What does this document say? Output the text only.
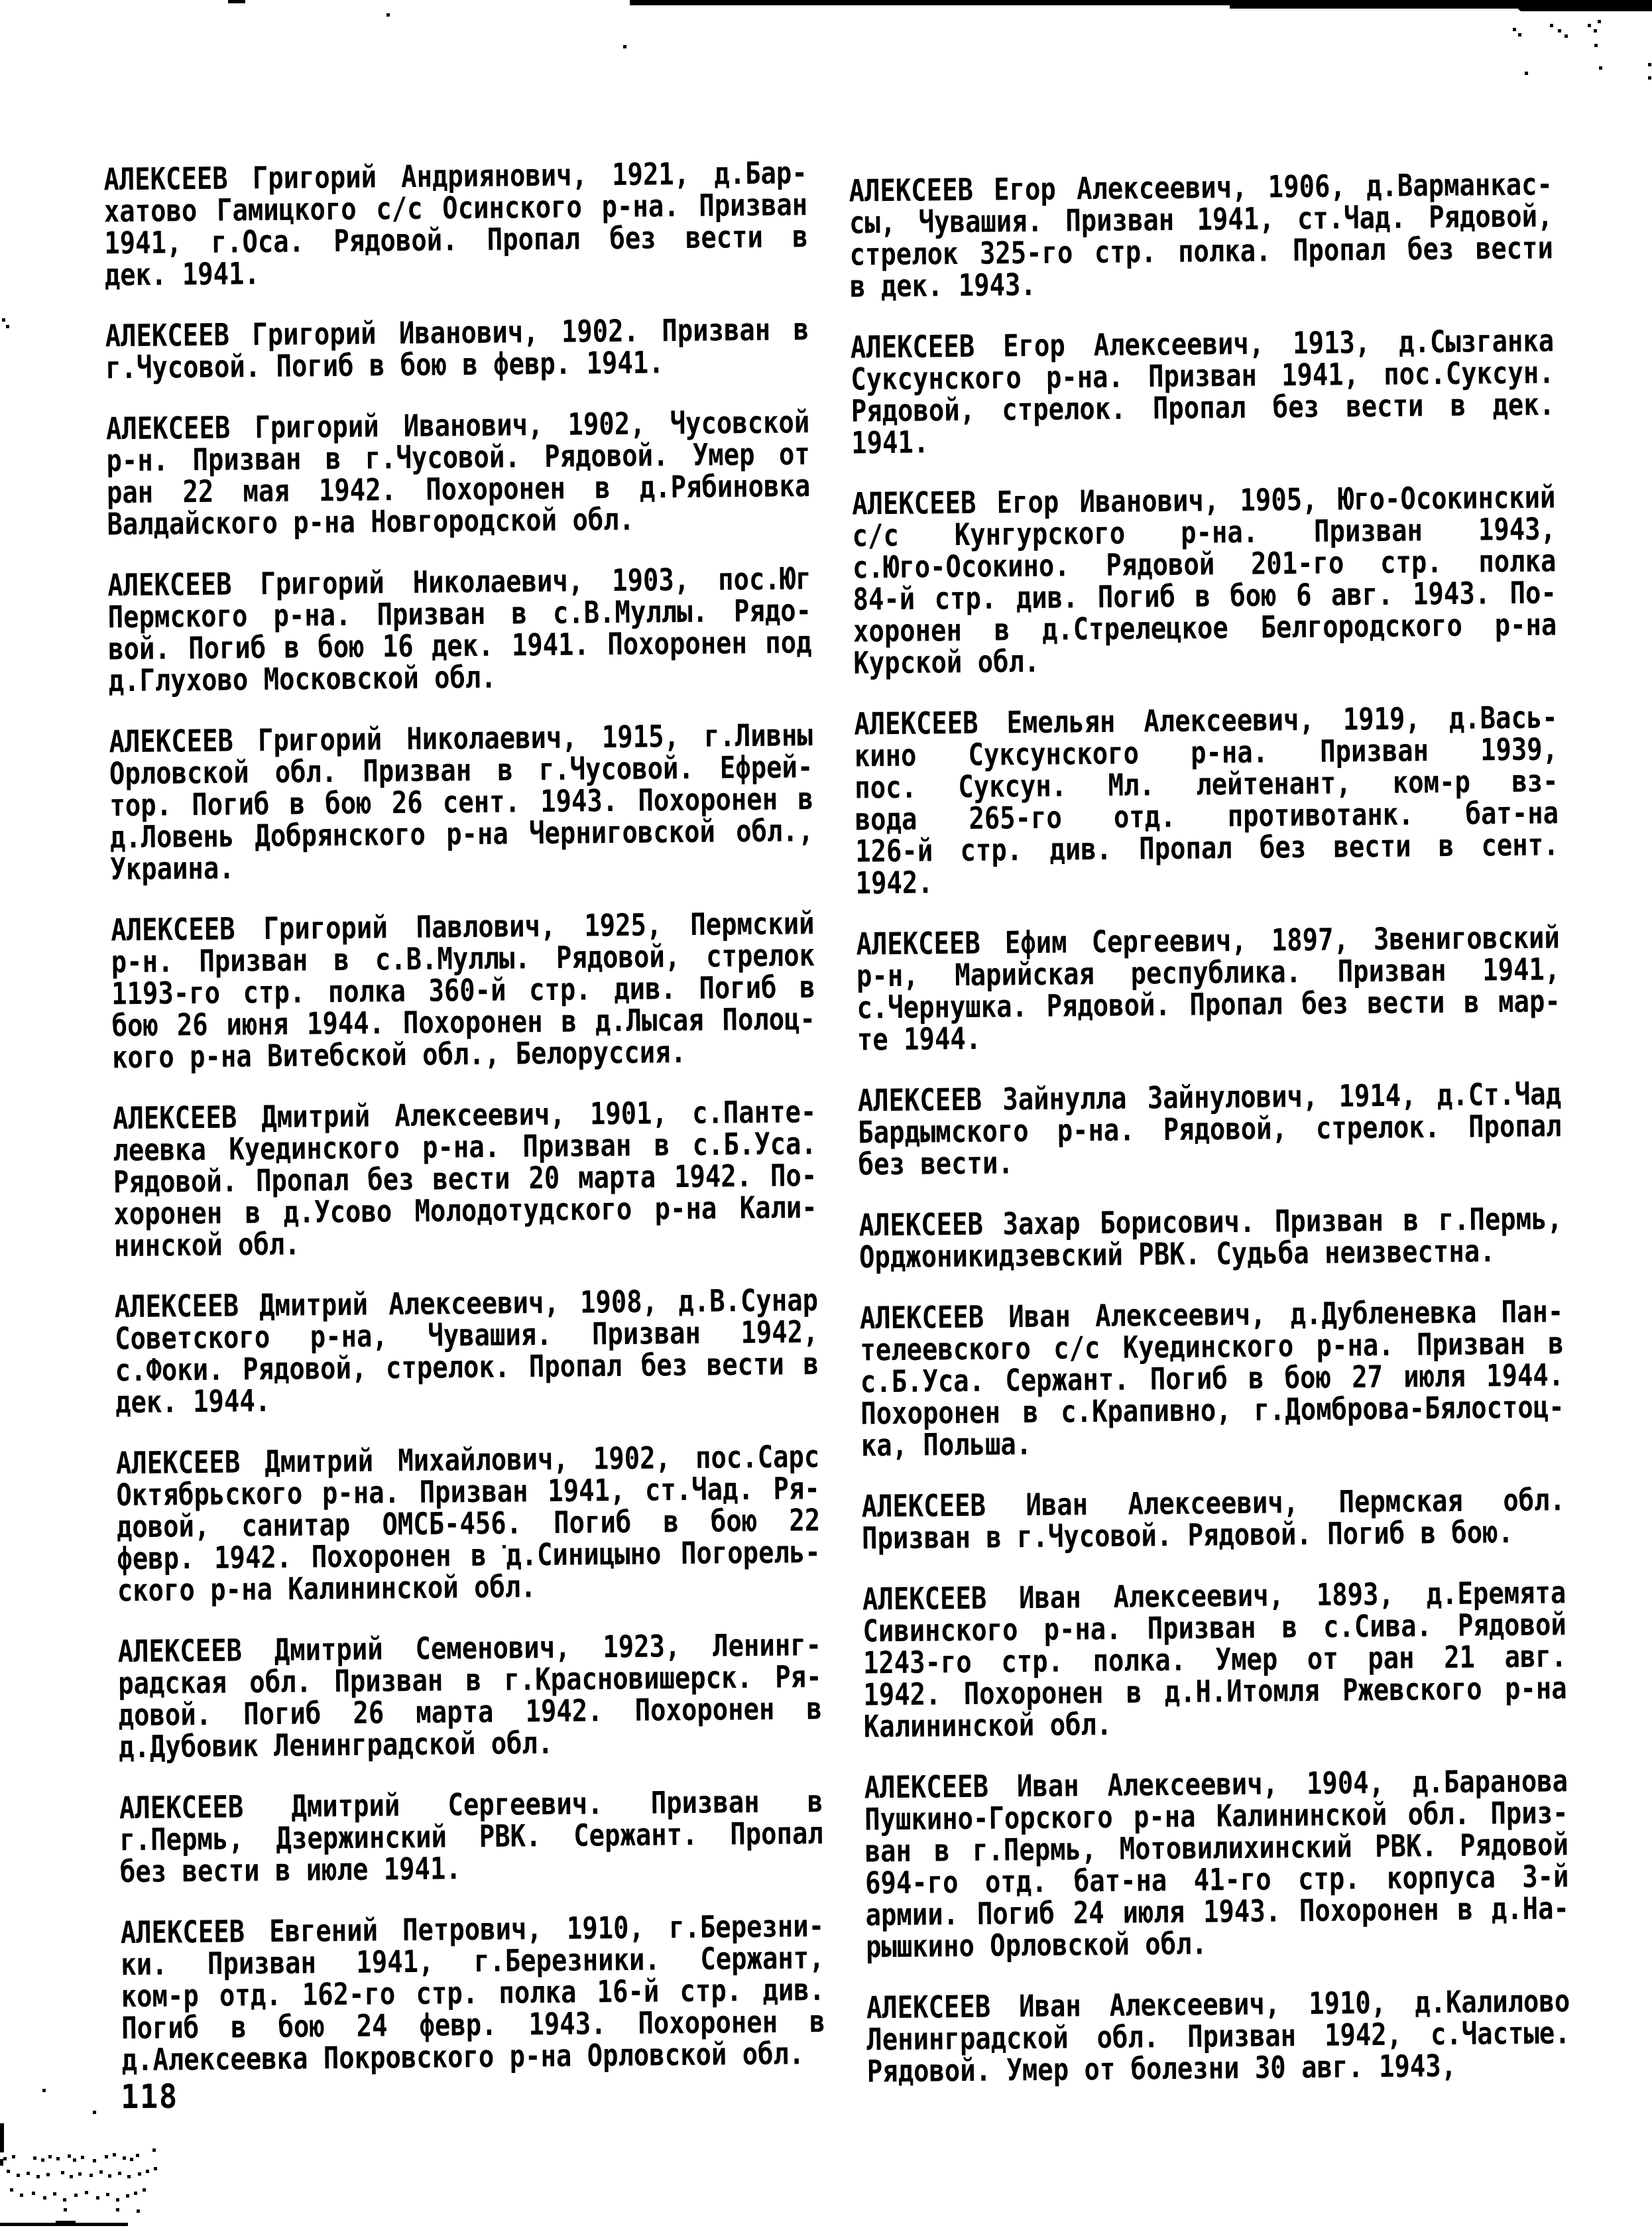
АЛЕКСЕЕВ Григорий Андриянович, 1921, д.Бар-
хатово Гамицкого с/с Осинского р-на. Призван
1941, г.Оса. Рядовой. Пропал без вести в
дек. 1941.
АЛЕКСЕЕВ Григорий Иванович, 1902. Призван в
г.Чусовой. Погиб в бою в февр. 1941.
АЛЕКСЕЕВ Григорий Иванович, 1902, Чусовской
р-н. Призван в г.Чусовой. Рядовой. Умер от
ран 22 мая 1942. Похоронен в д.Рябиновка
Валдайского р-на Новгородской обл.
АЛЕКСЕЕВ Григорий Николаевич, 1903, пос.Юг
Пермского р-на. Призван в с.В.Муллы. Рядо-
вой. Погиб в бою 16 дек. 1941. Похоронен под
д.Глухово Московской обл.
АЛЕКСЕЕВ Григорий Николаевич, 1915, г.Ливны
Орловской обл. Призван в г.Чусовой. Ефрей-
тор. Погиб в бою 26 сент. 1943. Похоронен в
д.Ловень Добрянского р-на Черниговской обл.,
Украина.
АЛЕКСЕЕВ Григорий Павлович, 1925, Пермский
р-н. Призван в с.В.Муллы. Рядовой, стрелок
1193-го стр. полка 360-й стр. див. Погиб в
бою 26 июня 1944. Похоронен в д.Лысая Полоц-
кого р-на Витебской обл., Белоруссия.
АЛЕКСЕЕВ Дмитрий Алексеевич, 1901, с.Панте-
леевка Куединского р-на. Призван в с.Б.Уса.
Рядовой. Пропал без вести 20 марта 1942. По-
хоронен в д.Усово Молодотудского р-на Кали-
нинской обл.
АЛЕКСЕЕВ Дмитрий Алексеевич, 1908, д.В.Сунар
Советского р-на, Чувашия. Призван 1942,
с.Фоки. Рядовой, стрелок. Пропал без вести в
дек. 1944.
АЛЕКСЕЕВ Дмитрий Михайлович, 1902, пос.Сарс
Октябрьского р-на. Призван 1941, ст.Чад. Ря-
довой, санитар ОМСБ-456. Погиб в бою 22
февр. 1942. Похоронен в д.Синицыно Погорель-
ского р-на Калининской обл.
АЛЕКСЕЕВ Дмитрий Семенович, 1923, Ленинг-
радская обл. Призван в г.Красновишерск. Ря-
довой. Погиб 26 марта 1942. Похоронен в
д.Дубовик Ленинградской обл.
АЛЕКСЕЕВ Дмитрий Сергеевич. Призван в
г.Пермь, Дзержинский РВК. Сержант. Пропал
без вести в июле 1941.
АЛЕКСЕЕВ Евгений Петрович, 1910, г.Березни-
ки. Призван 1941, г.Березники. Сержант,
ком-р отд. 162-го стр. полка 16-й стр. див.
Погиб в бою 24 февр. 1943. Похоронен в
д.Алексеевка Покровского р-на Орловской обл.
АЛЕКСЕЕВ Егор Алексеевич, 1906, д.Варманкас-
сы, Чувашия. Призван 1941, ст.Чад. Рядовой,
стрелок 325-го стр. полка. Пропал без вести
в дек. 1943.
АЛЕКСЕЕВ Егор Алексеевич, 1913, д.Сызганка
Суксунского р-на. Призван 1941, пос.Суксун.
Рядовой, стрелок. Пропал без вести в дек.
1941.
АЛЕКСЕЕВ Егор Иванович, 1905, Юго-Осокинский
с/с Кунгурского р-на. Призван 1943,
с.Юго-Осокино. Рядовой 201-го стр. полка
84-й стр. див. Погиб в бою 6 авг. 1943. По-
хоронен в д.Стрелецкое Белгородского р-на
Курской обл.
АЛЕКСЕЕВ Емельян Алексеевич, 1919, д.Вась-
кино Суксунского р-на. Призван 1939,
пос. Суксун. Мл. лейтенант, ком-р вз-
вода 265-го отд. противотанк. бат-на
126-й стр. див. Пропал без вести в сент.
1942.
АЛЕКСЕЕВ Ефим Сергеевич, 1897, Звениговский
р-н, Марийская республика. Призван 1941,
с.Чернушка. Рядовой. Пропал без вести в мар-
те 1944.
АЛЕКСЕЕВ Зайнулла Зайнулович, 1914, д.Ст.Чад
Бардымского р-на. Рядовой, стрелок. Пропал
без вести.
АЛЕКСЕЕВ Захар Борисович. Призван в г.Пермь,
Орджоникидзевский РВК. Судьба неизвестна.
АЛЕКСЕЕВ Иван Алексеевич, д.Дубленевка Пан-
телеевского с/с Куединского р-на. Призван в
с.Б.Уса. Сержант. Погиб в бою 27 июля 1944.
Похоронен в с.Крапивно, г.Домброва-Бялостоц-
ка, Польша.
АЛЕКСЕЕВ Иван Алексеевич, Пермская обл.
Призван в г.Чусовой. Рядовой. Погиб в бою.
АЛЕКСЕЕВ Иван Алексеевич, 1893, д.Еремята
Сивинского р-на. Призван в с.Сива. Рядовой
1243-го стр. полка. Умер от ран 21 авг.
1942. Похоронен в д.Н.Итомля Ржевского р-на
Калининской обл.
АЛЕКСЕЕВ Иван Алексеевич, 1904, д.Баранова
Пушкино-Горского р-на Калининской обл. Приз-
ван в г.Пермь, Мотовилихинский РВК. Рядовой
694-го отд. бат-на 41-го стр. корпуса 3-й
армии. Погиб 24 июля 1943. Похоронен в д.На-
рышкино Орловской обл.
АЛЕКСЕЕВ Иван Алексеевич, 1910, д.Калилово
Ленинградской обл. Призван 1942, с.Частые.
Рядовой. Умер от болезни 30 авг. 1943,
118
